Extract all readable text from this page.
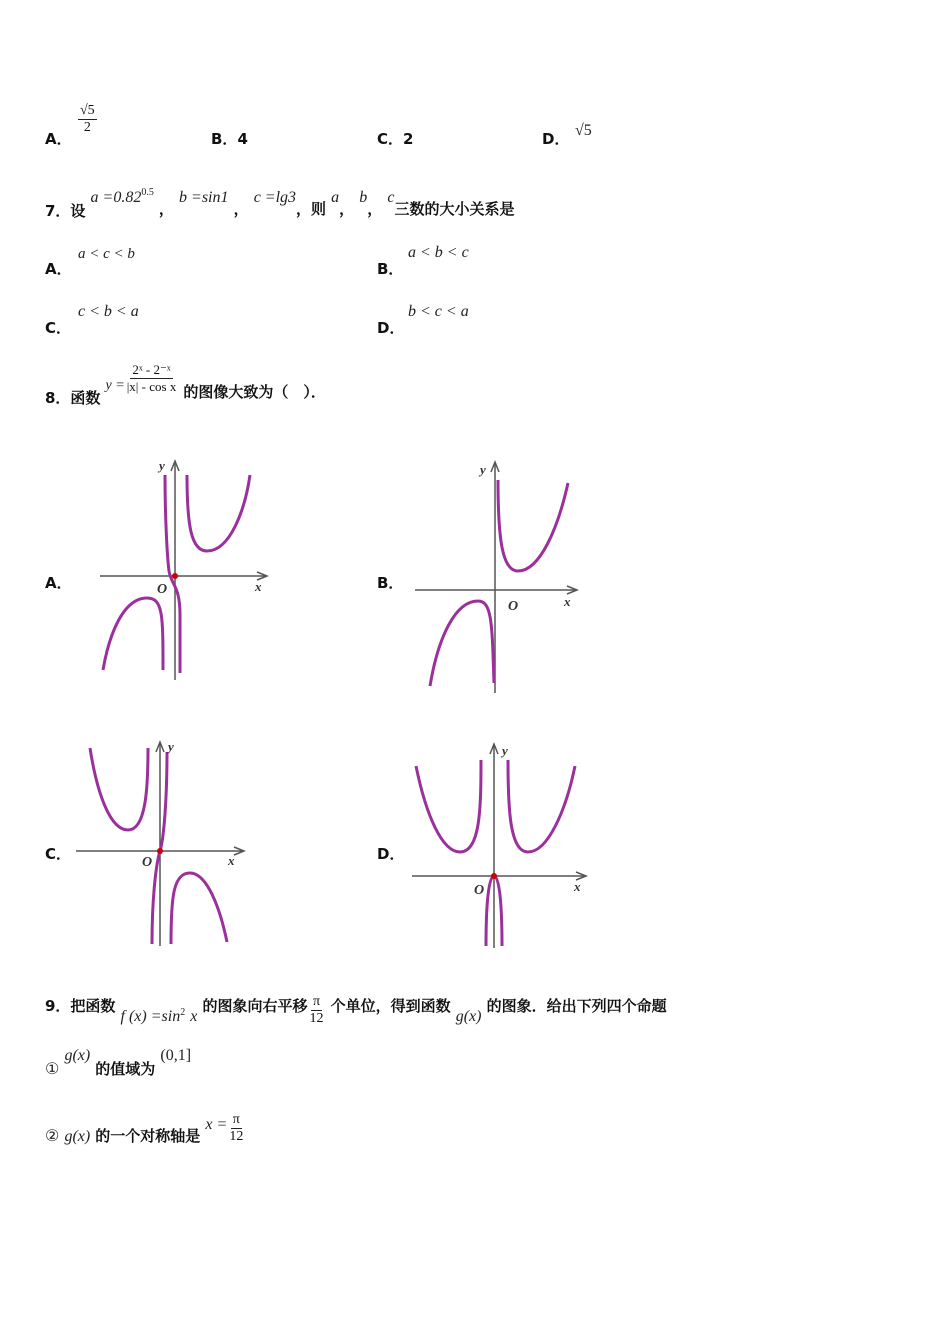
A．
$\frac{√5}{2}$
B．4	C．2	D． √5
7．设 $a =0.82^{0.5}$ ， b =sin1 ， c =lg3，则 a， b， c三数的大小关系是
A．
a < c < b
B．
a < b < c
C．
c < b < a
D．
b < c < a
8．函数 $y = \frac{\text{2ˣ - 2⁻ˣ}}{\text{|x| - cos x}}$ 的图像大致为（　）．
A．	B．
C．	D．
O
y
x
O
y
x
O
y
x
O
y
x
9．把函数 f (x) =sin2 x 的图象向右平移 $\frac{\pi}{12}$ 个单位，得到函数 g(x) 的图象．给出下列四个命题
① g(x) 的值域为 (0,1]
② g(x) 的一个对称轴是 $x = \frac{\pi}{12}$
